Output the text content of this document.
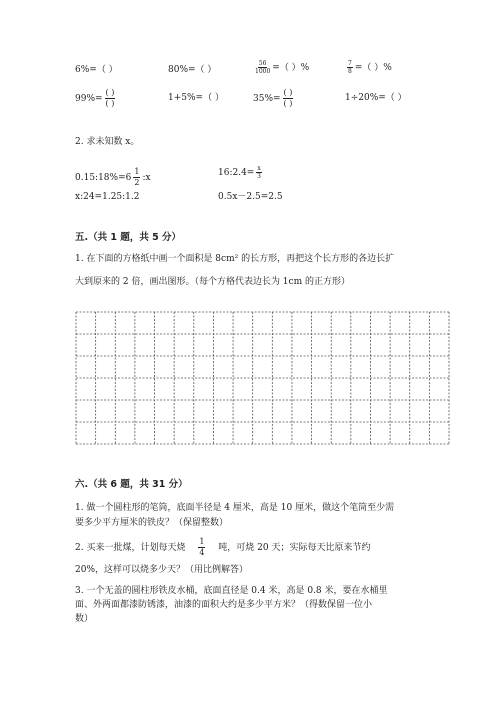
6%=（ ）	80%=（ ）	$\frac{56}{1000}$ =（ ）%	$\frac{7}{8}$ =（ ）%
$99\%= \frac{( )}{( )}$	1+5%=（ ）	$35\%= \frac{( )}{( )}$	1÷20%=（ ）
2. 求未知数 x。
0.15:18%=6 $\frac{1}{2}$ :x	16:2.4= $\frac{x}{3}$
x:24=1.25:1.2	0.5x－2.5=2.5
五.（共 1 题，共 5 分）
1. 在下面的方格纸中画一个面积是 8cm² 的长方形，再把这个长方形的各边长扩
大到原来的 2 倍，画出图形。（每个方格代表边长为 1cm 的正方形）
六.（共 6 题，共 31 分）
1. 做一个圆柱形的笔筒，底面半径是 4 厘米，高是 10 厘米，做这个笔筒至少需
要多少平方厘米的铁皮？（保留整数）
2. 买来一批煤，计划每天烧 $\frac{1}{4}$ 吨，可烧 20 天；实际每天比原来节约
20%，这样可以烧多少天？（用比例解答）
3. 一个无盖的圆柱形铁皮水桶，底面直径是 0.4 米，高是 0.8 米，要在水桶里
面、外两面都漆防锈漆，油漆的面积大约是多少平方米？（得数保留一位小
数）
